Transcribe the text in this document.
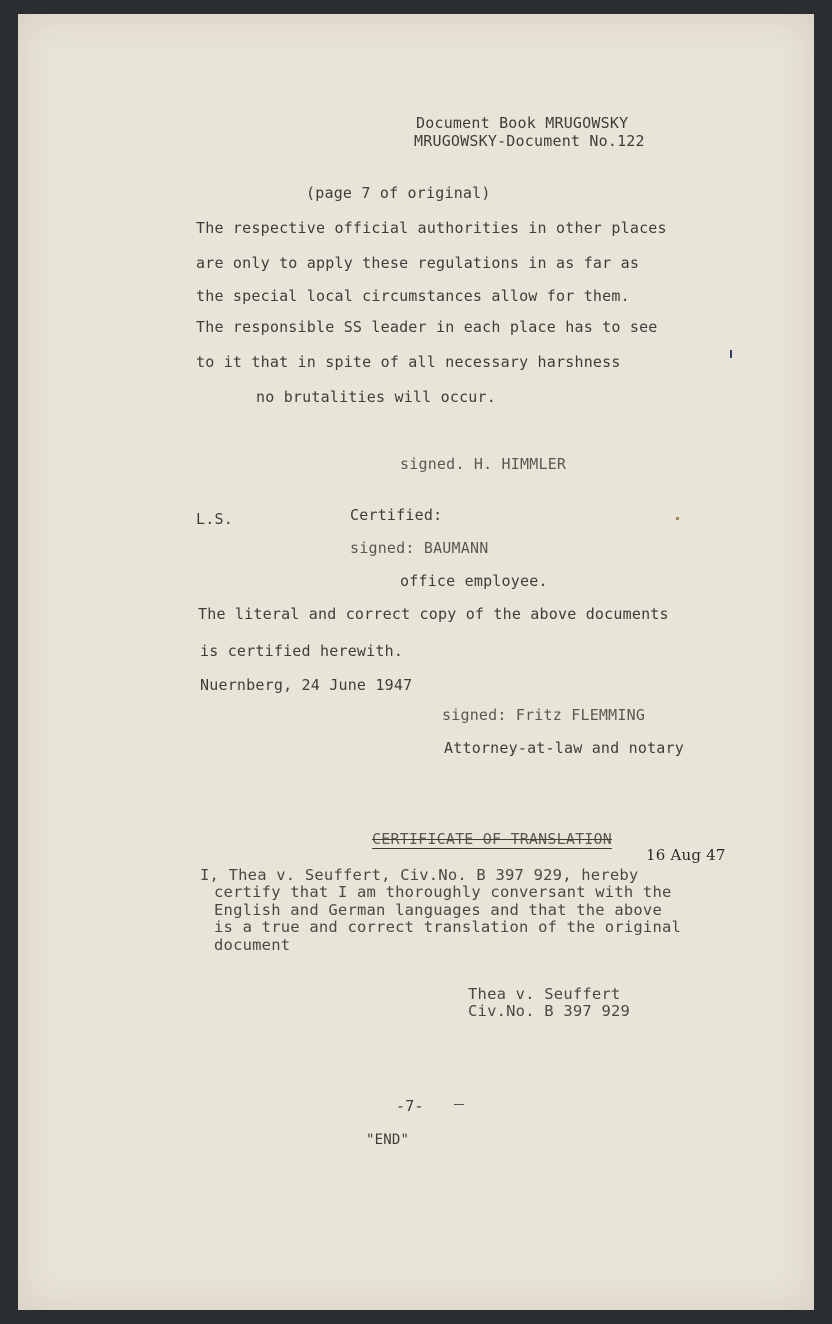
Document Book MRUGOWSKY
MRUGOWSKY-Document No.122
(page 7 of original)
The respective official authorities in other places
are only to apply these regulations in as far as
the special local circumstances allow for them.
The responsible SS leader in each place has to see
to it that in spite of all necessary harshness
no brutalities will occur.
signed. H. HIMMLER
L.S.	Certified:
signed: BAUMANN
office employee.
The literal and correct copy of the above documents
is certified herewith.
Nuernberg, 24 June 1947
signed: Fritz FLEMMING
Attorney-at-law and notary
CERTIFICATE OF TRANSLATION
16 Aug 47
I, Thea v. Seuffert, Civ.No. B 397 929, hereby
certify that I am thoroughly conversant with the
English and German languages and that the above
is a true and correct translation of the original
document
Thea v. Seuffert
Civ.No. B 397 929
-7-
"END"
